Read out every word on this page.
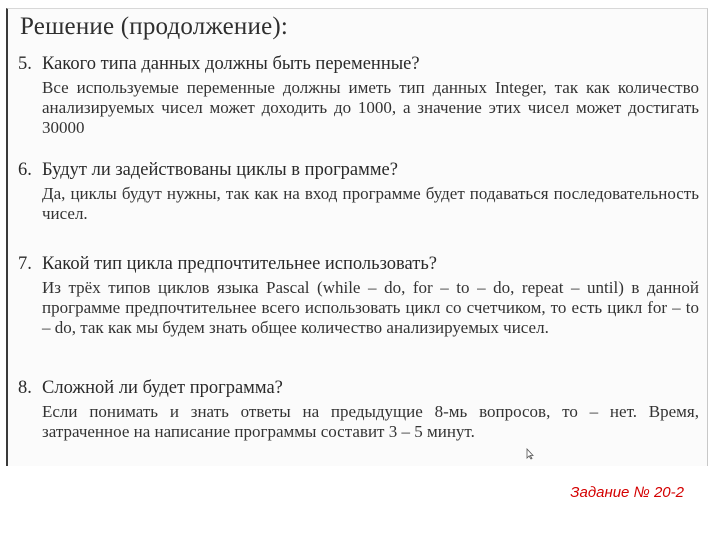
Решение (продолжение):
5. Какого типа данных должны быть переменные?
Все используемые переменные должны иметь тип данных Integer, так как количество анализируемых чисел может доходить до 1000, а значение этих чисел может достигать 30000
6. Будут ли задействованы циклы в программе?
Да, циклы будут нужны, так как на вход программе будет подаваться последовательность чисел.
7. Какой тип цикла предпочтительнее использовать?
Из трёх типов циклов языка Pascal (while – do, for – to – do, repeat – until) в данной программе предпочтительнее всего использовать цикл со счетчиком, то есть цикл for – to – do, так как мы будем знать общее количество анализируемых чисел.
8. Сложной ли будет программа?
Если понимать и знать ответы на предыдущие 8-мь вопросов, то – нет. Время, затраченное на написание программы составит 3 – 5 минут.
Задание № 20-2
